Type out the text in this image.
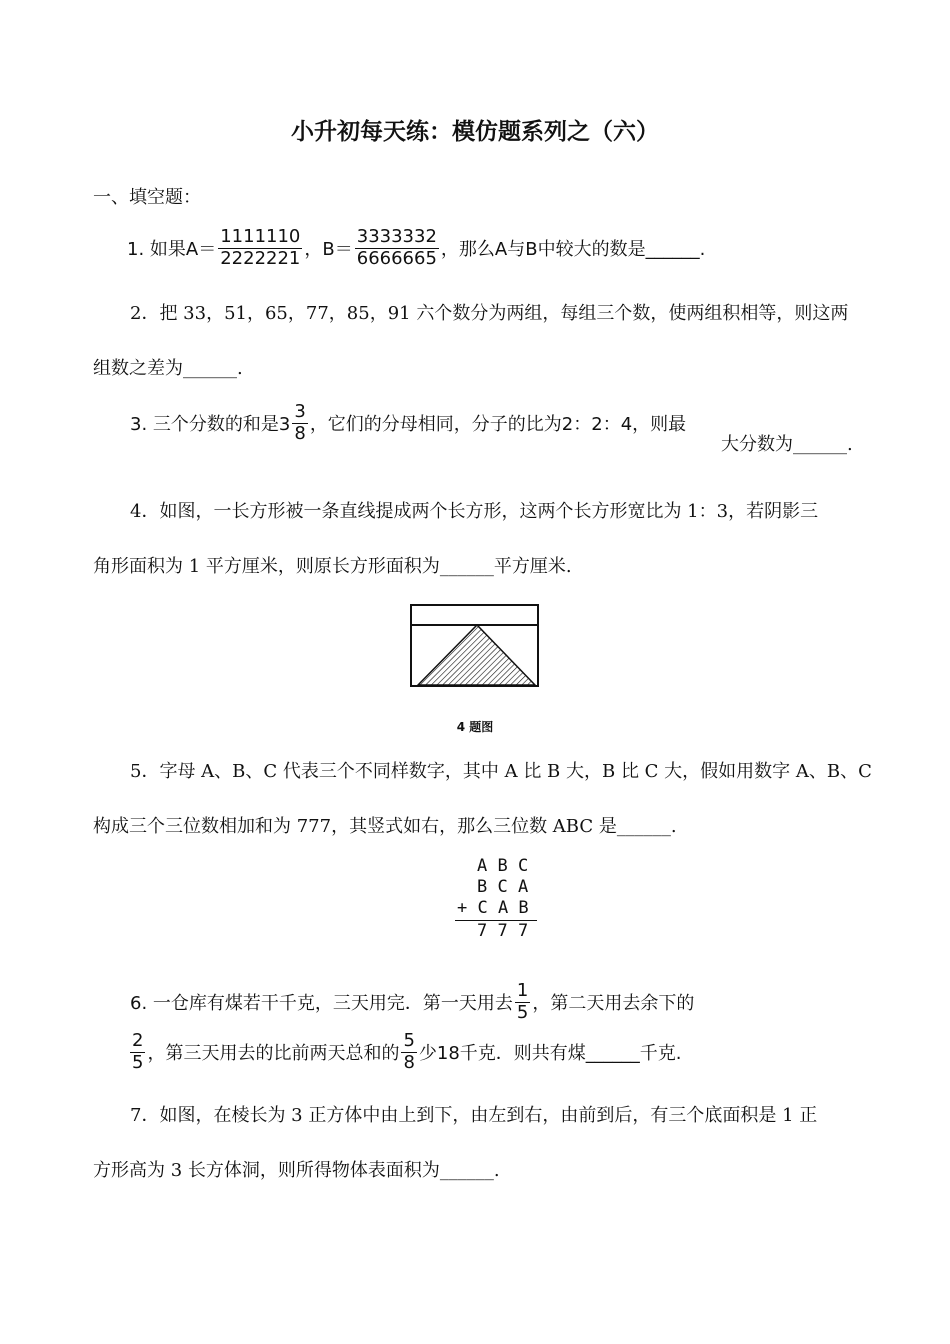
小升初每天练：模仿题系列之（六）
一、填空题：
1. 如果$A= \frac{1111110}{2222221}$ ，$B= \frac{3333332}{6666665}$ ，那么A与B中较大的数是______.
2．把 33，51，65，77，85，91 六个数分为两组，每组三个数，使两组积相等，则这两
组数之差为______.
3. 三个分数的和是$3 \frac{3}{8}$ ，它们的分母相同，分子的比为2：2：4，则最
大分数为______.
4．如图，一长方形被一条直线提成两个长方形，这两个长方形宽比为 1：3，若阴影三
角形面积为 1 平方厘米，则原长方形面积为______平方厘米.
4 题图
5．字母 A、B、C 代表三个不同样数字，其中 A 比 B 大，B 比 C 大，假如用数字 A、B、C
构成三个三位数相加和为 777，其竖式如右，那么三位数 ABC 是______.
A B C
B C A
+ C A B
7 7 7
6. 一仓库有煤若干千克，三天用完．第一天用去 $\frac{1}{5}$ ，第二天用去余下的
$\frac{2}{5}$ ，第三天用去的比前两天总和的 $\frac{5}{8}$ 少18千克．则共有煤______千克.
7．如图，在棱长为 3 正方体中由上到下，由左到右，由前到后，有三个底面积是 1 正
方形高为 3 长方体洞，则所得物体表面积为______.
